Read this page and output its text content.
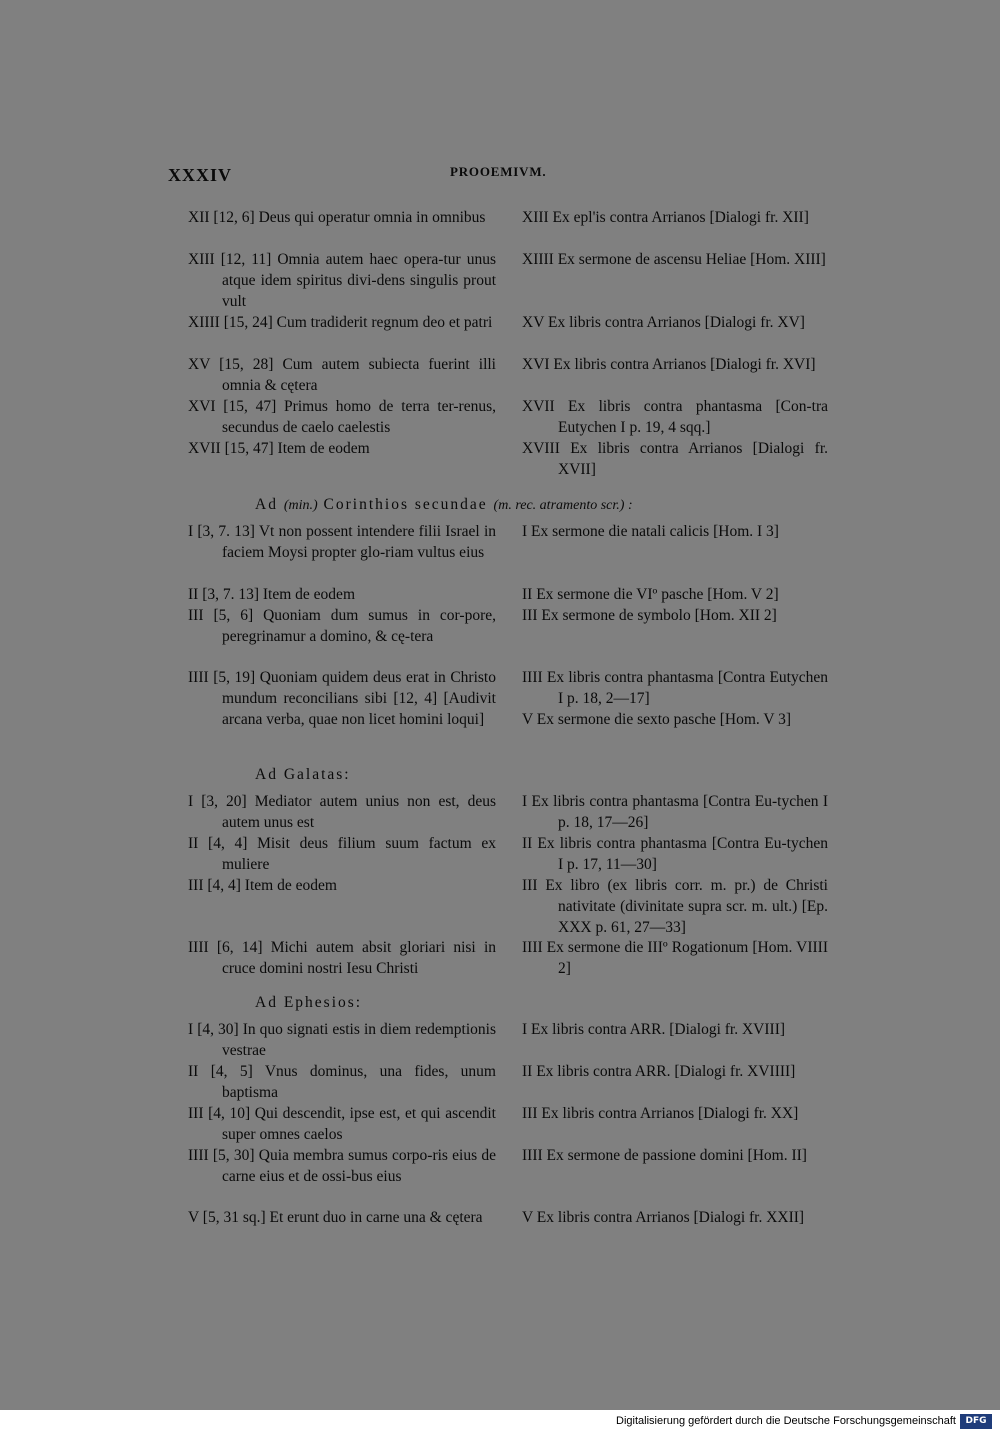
XXXIV	PROOEMIVM.
XII [12, 6] Deus qui operatur omnia in omnibus
XIII [12, 11] Omnia autem haec opera-tur unus atque idem spiritus divi-dens singulis prout vult
XIIII [15, 24] Cum tradiderit regnum deo et patri
XV [15, 28] Cum autem subiecta fuerint illi omnia & cętera
XVI [15, 47] Primus homo de terra ter-renus, secundus de caelo caelestis
XVII [15, 47] Item de eodem
XIII Ex epl'is contra Arrianos [Dialogi fr. XII]
XIIII Ex sermone de ascensu Heliae [Hom. XIII]
XV Ex libris contra Arrianos [Dialogi fr. XV]
XVI Ex libris contra Arrianos [Dialogi fr. XVI]
XVII Ex libris contra phantasma [Con-tra Eutychen I p. 19, 4 sqq.]
XVIII Ex libris contra Arrianos [Dialogi fr. XVII]
Ad (min.) Corinthios secundae (m. rec. atramento scr.) :
I [3, 7. 13] Vt non possent intendere filii Israel in faciem Moysi propter glo-riam vultus eius
II [3, 7. 13] Item de eodem
III [5, 6] Quoniam dum sumus in cor-pore, peregrinamur a domino, & cę-tera
IIII [5, 19] Quoniam quidem deus erat in Christo mundum reconcilians sibi [12, 4] [Audivit arcana verba, quae non licet homini loqui]
I Ex sermone die natali calicis [Hom. I 3]
II Ex sermone die VIº pasche [Hom. V 2]
III Ex sermone de symbolo [Hom. XII 2]
IIII Ex libris contra phantasma [Contra Eutychen I p. 18, 2—17]
V Ex sermone die sexto pasche [Hom. V 3]
Ad Galatas:
I [3, 20] Mediator autem unius non est, deus autem unus est
II [4, 4] Misit deus filium suum factum ex muliere
III [4, 4] Item de eodem
IIII [6, 14] Michi autem absit gloriari nisi in cruce domini nostri Iesu Christi
I Ex libris contra phantasma [Contra Eu-tychen I p. 18, 17—26]
II Ex libris contra phantasma [Contra Eu-tychen I p. 17, 11—30]
III Ex libro (ex libris corr. m. pr.) de Christi nativitate (divinitate supra scr. m. ult.) [Ep. XXX p. 61, 27—33]
IIII Ex sermone die IIIº Rogationum [Hom. VIIII 2]
Ad Ephesios:
I [4, 30] In quo signati estis in diem redemptionis vestrae
II [4, 5] Vnus dominus, una fides, unum baptisma
III [4, 10] Qui descendit, ipse est, et qui ascendit super omnes caelos
IIII [5, 30] Quia membra sumus corpo-ris eius de carne eius et de ossi-bus eius
V [5, 31 sq.] Et erunt duo in carne una & cętera
I Ex libris contra ARR. [Dialogi fr. XVIII]
II Ex libris contra ARR. [Dialogi fr. XVIIII]
III Ex libris contra Arrianos [Dialogi fr. XX]
IIII Ex sermone de passione domini [Hom. II]
V Ex libris contra Arrianos [Dialogi fr. XXII]
Digitalisierung gefördert durch die Deutsche Forschungsgemeinschaft	DFG
